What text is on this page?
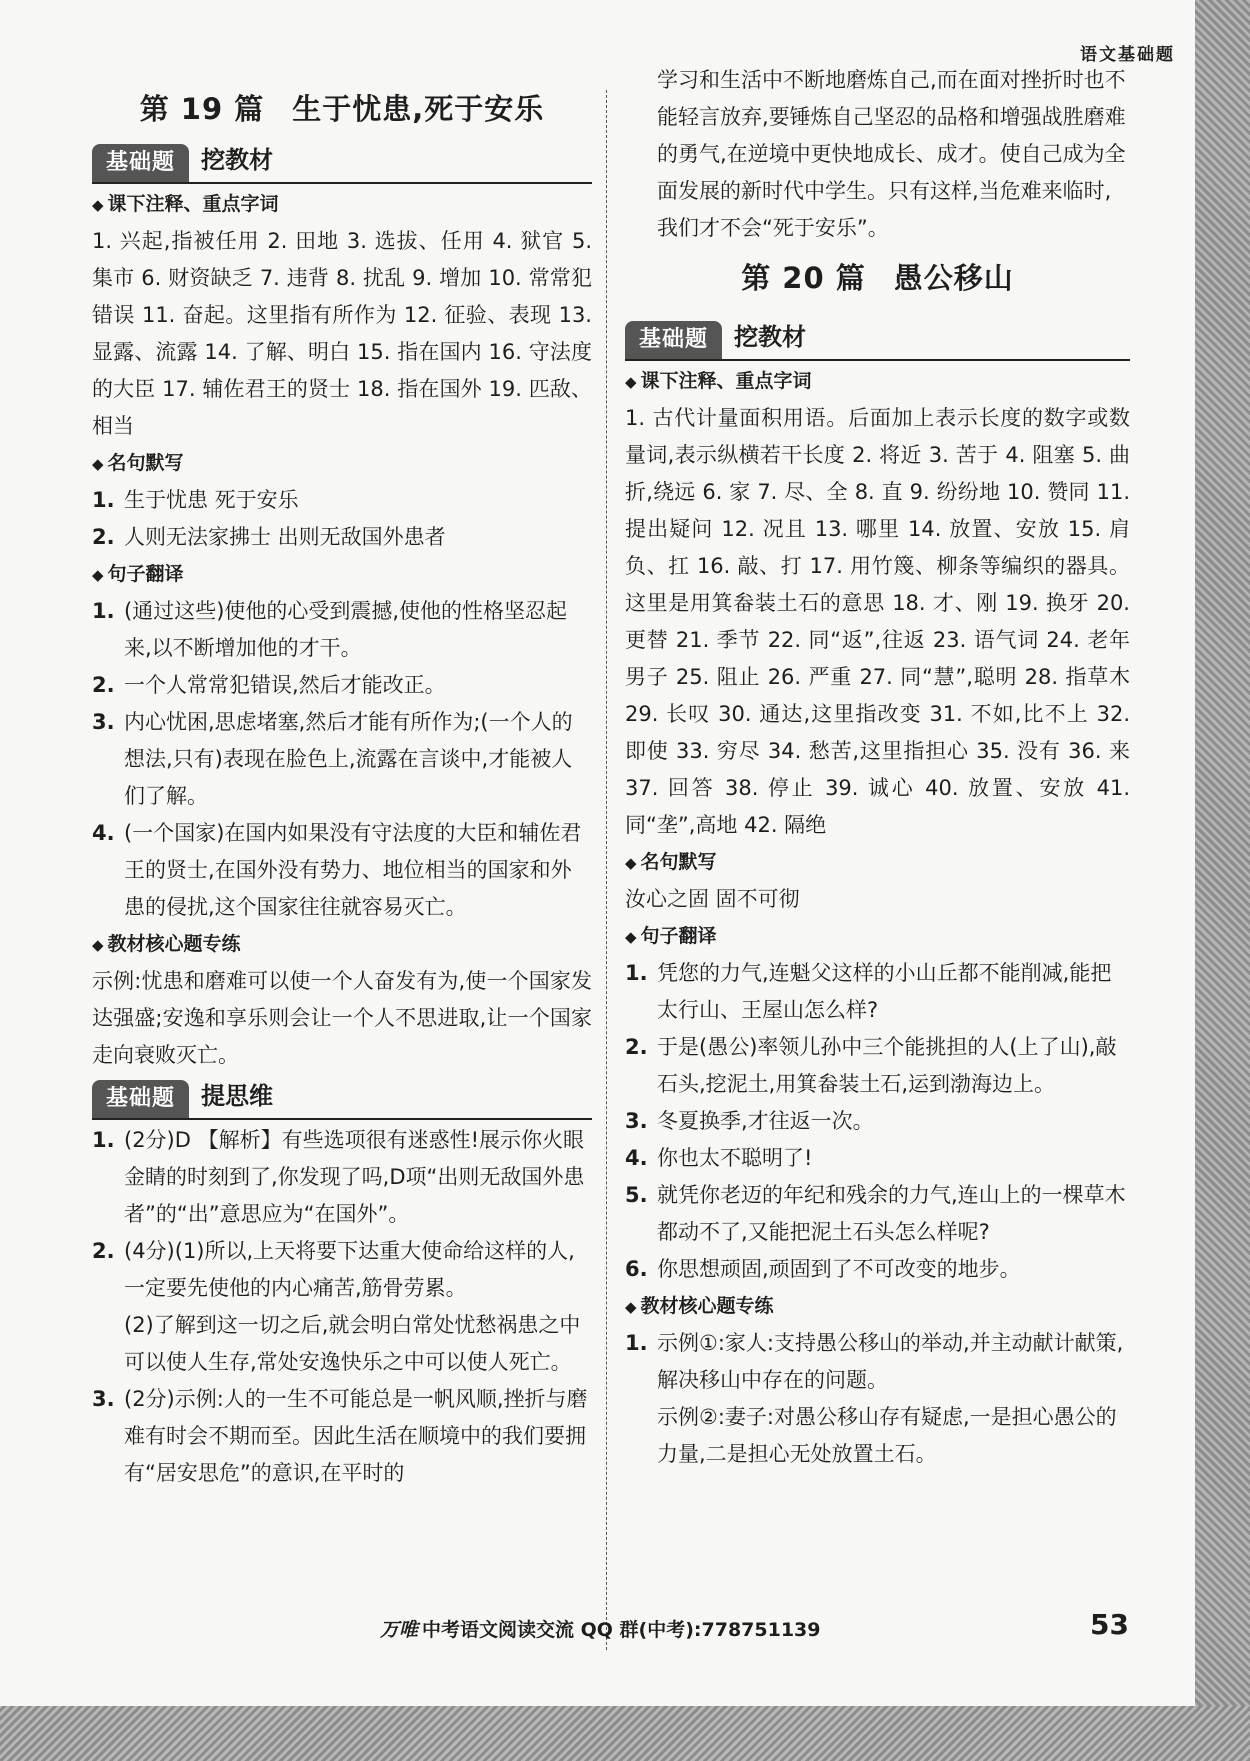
语文基础题
第 19 篇 生于忧患,死于安乐
基础题	挖教材
◆ 课下注释、重点字词

1. 兴起,指被任用 2. 田地 3. 选拔、任用 4. 狱官 5. 集市 6. 财资缺乏 7. 违背 8. 扰乱 9. 增加 10. 常常犯错误 11. 奋起。这里指有所作为 12. 征验、表现 13. 显露、流露 14. 了解、明白 15. 指在国内 16. 守法度的大臣 17. 辅佐君王的贤士 18. 指在国外 19. 匹敌、相当

◆ 名句默写
1. 生于忧患 死于安乐
2. 人则无法家拂士 出则无敌国外患者
◆ 句子翻译
1. (通过这些)使他的心受到震撼,使他的性格坚忍起来,以不断增加他的才干。
2. 一个人常常犯错误,然后才能改正。
3. 内心忧困,思虑堵塞,然后才能有所作为;(一个人的想法,只有)表现在脸色上,流露在言谈中,才能被人们了解。
4. (一个国家)在国内如果没有守法度的大臣和辅佐君王的贤士,在国外没有势力、地位相当的国家和外患的侵扰,这个国家往往就容易灭亡。
◆ 教材核心题专练

示例:忧患和磨难可以使一个人奋发有为,使一个国家发达强盛;安逸和享乐则会让一个人不思进取,让一个国家走向衰败灭亡。

基础题	提思维
1. (2分)D 【解析】有些选项很有迷惑性!展示你火眼金睛的时刻到了,你发现了吗,D项“出则无敌国外患者”的“出”意思应为“在国外”。
2. (4分)(1)所以,上天将要下达重大使命给这样的人,一定要先使他的内心痛苦,筋骨劳累。
(2)了解到这一切之后,就会明白常处忧愁祸患之中可以使人生存,常处安逸快乐之中可以使人死亡。
3. (2分)示例:人的一生不可能总是一帆风顺,挫折与磨难有时会不期而至。因此生活在顺境中的我们要拥有“居安思危”的意识,在平时的
学习和生活中不断地磨炼自己,而在面对挫折时也不能轻言放弃,要锤炼自己坚忍的品格和增强战胜磨难的勇气,在逆境中更快地成长、成才。使自己成为全面发展的新时代中学生。只有这样,当危难来临时,我们才不会“死于安乐”。
第 20 篇 愚公移山
基础题	挖教材
◆ 课下注释、重点字词

1. 古代计量面积用语。后面加上表示长度的数字或数量词,表示纵横若干长度 2. 将近 3. 苦于 4. 阻塞 5. 曲折,绕远 6. 家 7. 尽、全 8. 直 9. 纷纷地 10. 赞同 11. 提出疑问 12. 况且 13. 哪里 14. 放置、安放 15. 肩负、扛 16. 敲、打 17. 用竹篾、柳条等编织的器具。这里是用箕畚装土石的意思 18. 才、刚 19. 换牙 20. 更替 21. 季节 22. 同“返”,往返 23. 语气词 24. 老年男子 25. 阻止 26. 严重 27. 同“慧”,聪明 28. 指草木 29. 长叹 30. 通达,这里指改变 31. 不如,比不上 32. 即使 33. 穷尽 34. 愁苦,这里指担心 35. 没有 36. 来 37. 回答 38. 停止 39. 诚心 40. 放置、安放 41. 同“垄”,高地 42. 隔绝

◆ 名句默写

汝心之固 固不可彻

◆ 句子翻译
1. 凭您的力气,连魁父这样的小山丘都不能削减,能把太行山、王屋山怎么样?
2. 于是(愚公)率领儿孙中三个能挑担的人(上了山),敲石头,挖泥土,用箕畚装土石,运到渤海边上。
3. 冬夏换季,才往返一次。
4. 你也太不聪明了!
5. 就凭你老迈的年纪和残余的力气,连山上的一棵草木都动不了,又能把泥土石头怎么样呢?
6. 你思想顽固,顽固到了不可改变的地步。
◆ 教材核心题专练
1. 示例①:家人:支持愚公移山的举动,并主动献计献策,解决移山中存在的问题。
示例②:妻子:对愚公移山存有疑虑,一是担心愚公的力量,二是担心无处放置土石。
万唯 中考语文阅读交流 QQ 群(中考):778751139	53
